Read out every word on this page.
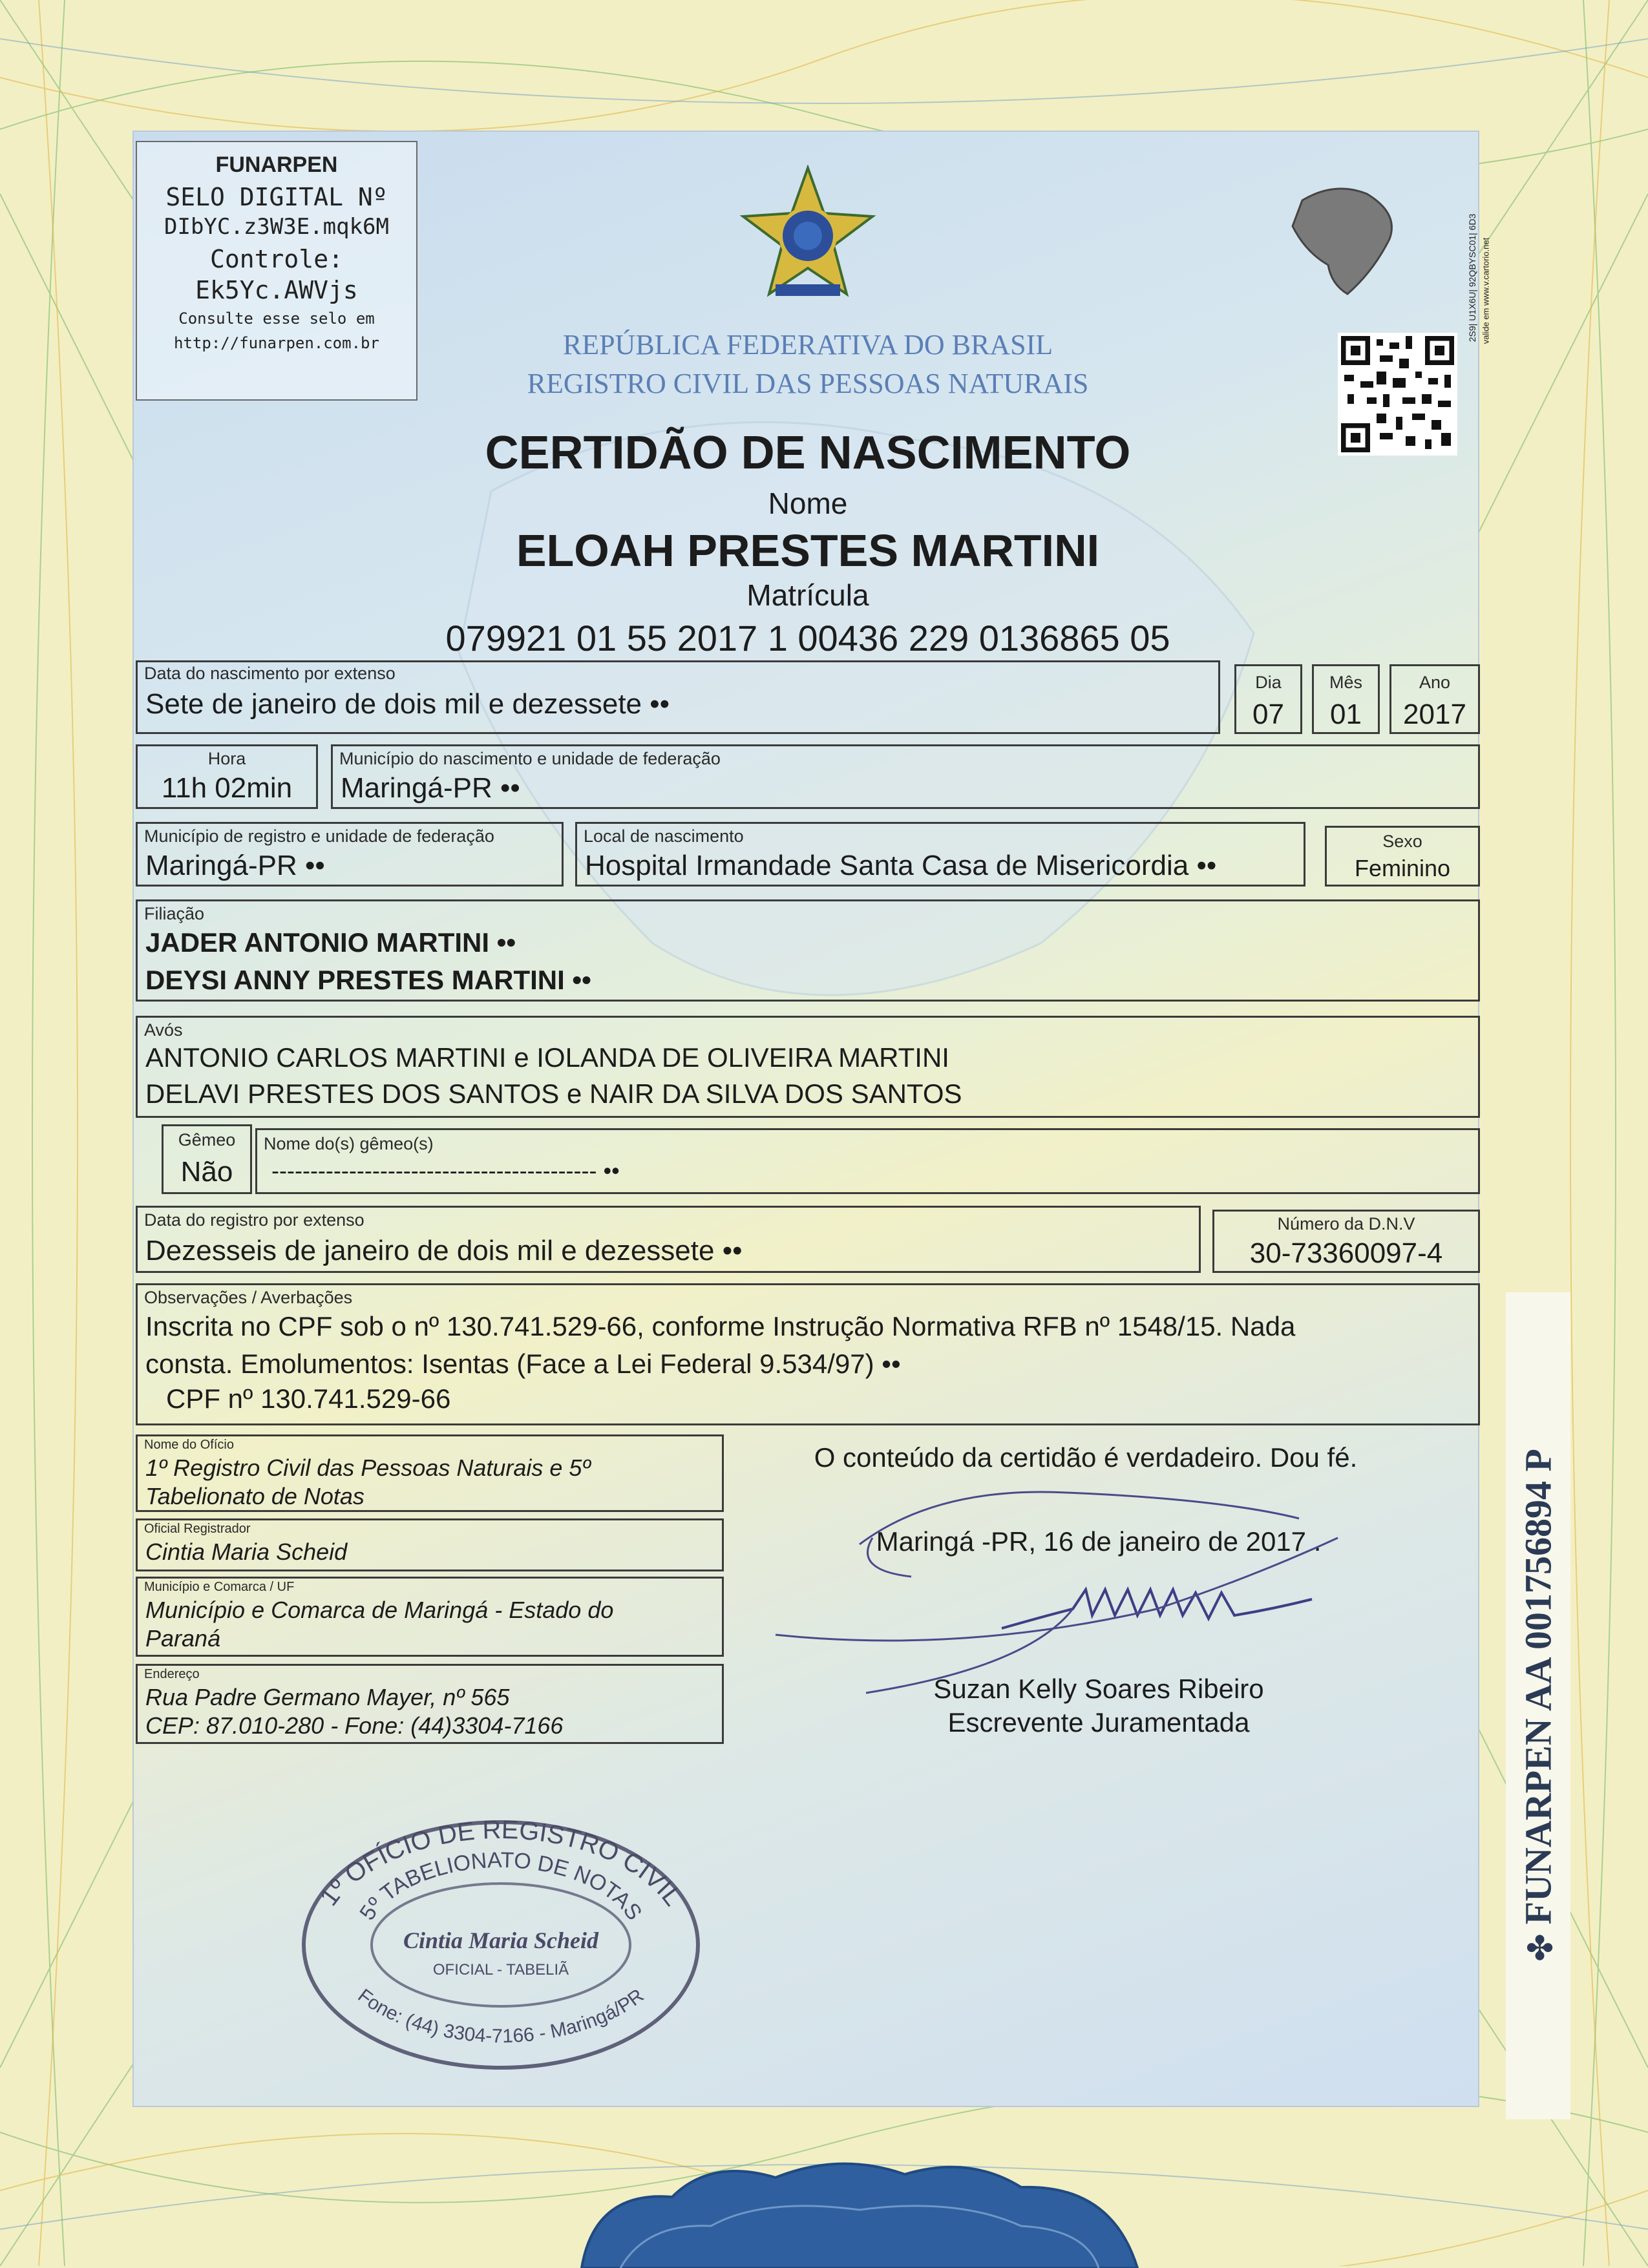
FUNARPEN
SELO DIGITAL Nº
DIbYC.z3W3E.mqk6M
Controle:
Ek5Yc.AWVjs
Consulte esse selo em
http://funarpen.com.br	REPÚBLICA FEDERATIVA DO BRASIL
REGISTRO CIVIL DAS PESSOAS NATURAIS
2S9| U1X6U| 92QBYSC01| 6D3 valide em www.v.cartorio.net
CERTIDÃO DE NASCIMENTO
Nome
ELOAH PRESTES MARTINI
Matrícula
079921 01 55 2017 1 00436 229 0136865 05
Data do nascimento por extenso
Sete de janeiro de dois mil e dezessete ••
Dia
07
Mês
01
Ano
2017
Hora
11h 02min
Município do nascimento e unidade de federação
Maringá-PR ••
Município de registro e unidade de federação
Maringá-PR ••
Local de nascimento
Hospital Irmandade Santa Casa de Misericordia ••
Sexo
Feminino
Filiação
JADER ANTONIO MARTINI ••
DEYSI ANNY PRESTES MARTINI ••
Avós
ANTONIO CARLOS MARTINI e IOLANDA DE OLIVEIRA MARTINI
DELAVI PRESTES DOS SANTOS e NAIR DA SILVA DOS SANTOS
Gêmeo
Não
Nome do(s) gêmeo(s)
------------------------------------------ ••
Data do registro por extenso
Dezesseis de janeiro de dois mil e dezessete ••
Número da D.N.V
30-73360097-4
Observações / Averbações
Inscrita no CPF sob o nº 130.741.529-66, conforme Instrução Normativa RFB nº 1548/15. Nada
consta. Emolumentos: Isentas (Face a Lei Federal 9.534/97) ••
CPF nº 130.741.529-66
Nome do Ofício
1º Registro Civil das Pessoas Naturais e 5º
Tabelionato de Notas
Oficial Registrador
Cintia Maria Scheid
Município e Comarca / UF
Município e Comarca de Maringá - Estado do
Paraná
Endereço
Rua Padre Germano Mayer, nº 565
CEP: 87.010-280 - Fone: (44)3304-7166
O conteúdo da certidão é verdadeiro. Dou fé.
Maringá -PR, 16 de janeiro de 2017 .
Suzan Kelly Soares Ribeiro
Escrevente Juramentada
1º OFÍCIO DE REGISTRO CIVIL
5º TABELIONATO DE NOTAS
Cintia Maria Scheid
OFICIAL - TABELIÃ
Fone: (44) 3304-7166 - Maringá/PR
✤FUNARPEN AA 001756894 P
